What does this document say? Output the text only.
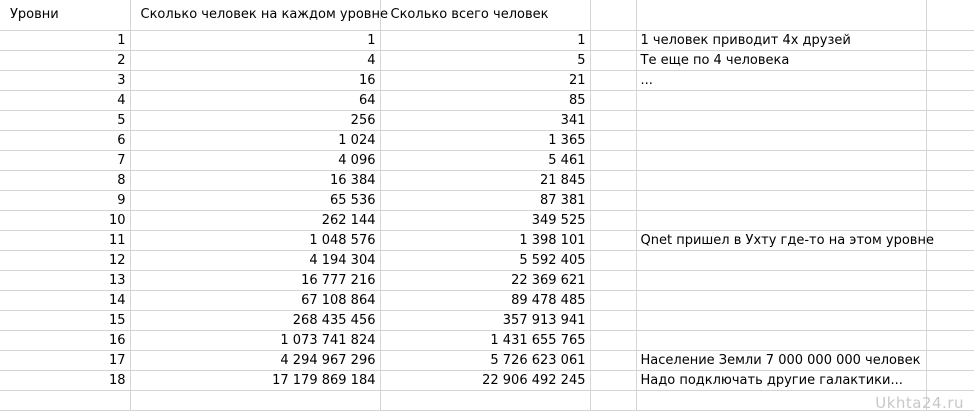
Уровни	Сколько человек на каждом уровне	Сколько всего человек			
1	1	1		1 человек приводит 4х друзей	
2	4	5		Те еще по 4 человека	
3	16	21		...	
4	64	85			
5	256	341			
6	1 024	1 365			
7	4 096	5 461			
8	16 384	21 845			
9	65 536	87 381			
10	262 144	349 525			
11	1 048 576	1 398 101		Qnet пришел в Ухту где-то на этом уровне	
12	4 194 304	5 592 405			
13	16 777 216	22 369 621			
14	67 108 864	89 478 485			
15	268 435 456	357 913 941			
16	1 073 741 824	1 431 655 765			
17	4 294 967 296	5 726 623 061		Население Земли 7 000 000 000 человек	
18	17 179 869 184	22 906 492 245		Надо подключать другие галактики...	

Ukhta24.ru
